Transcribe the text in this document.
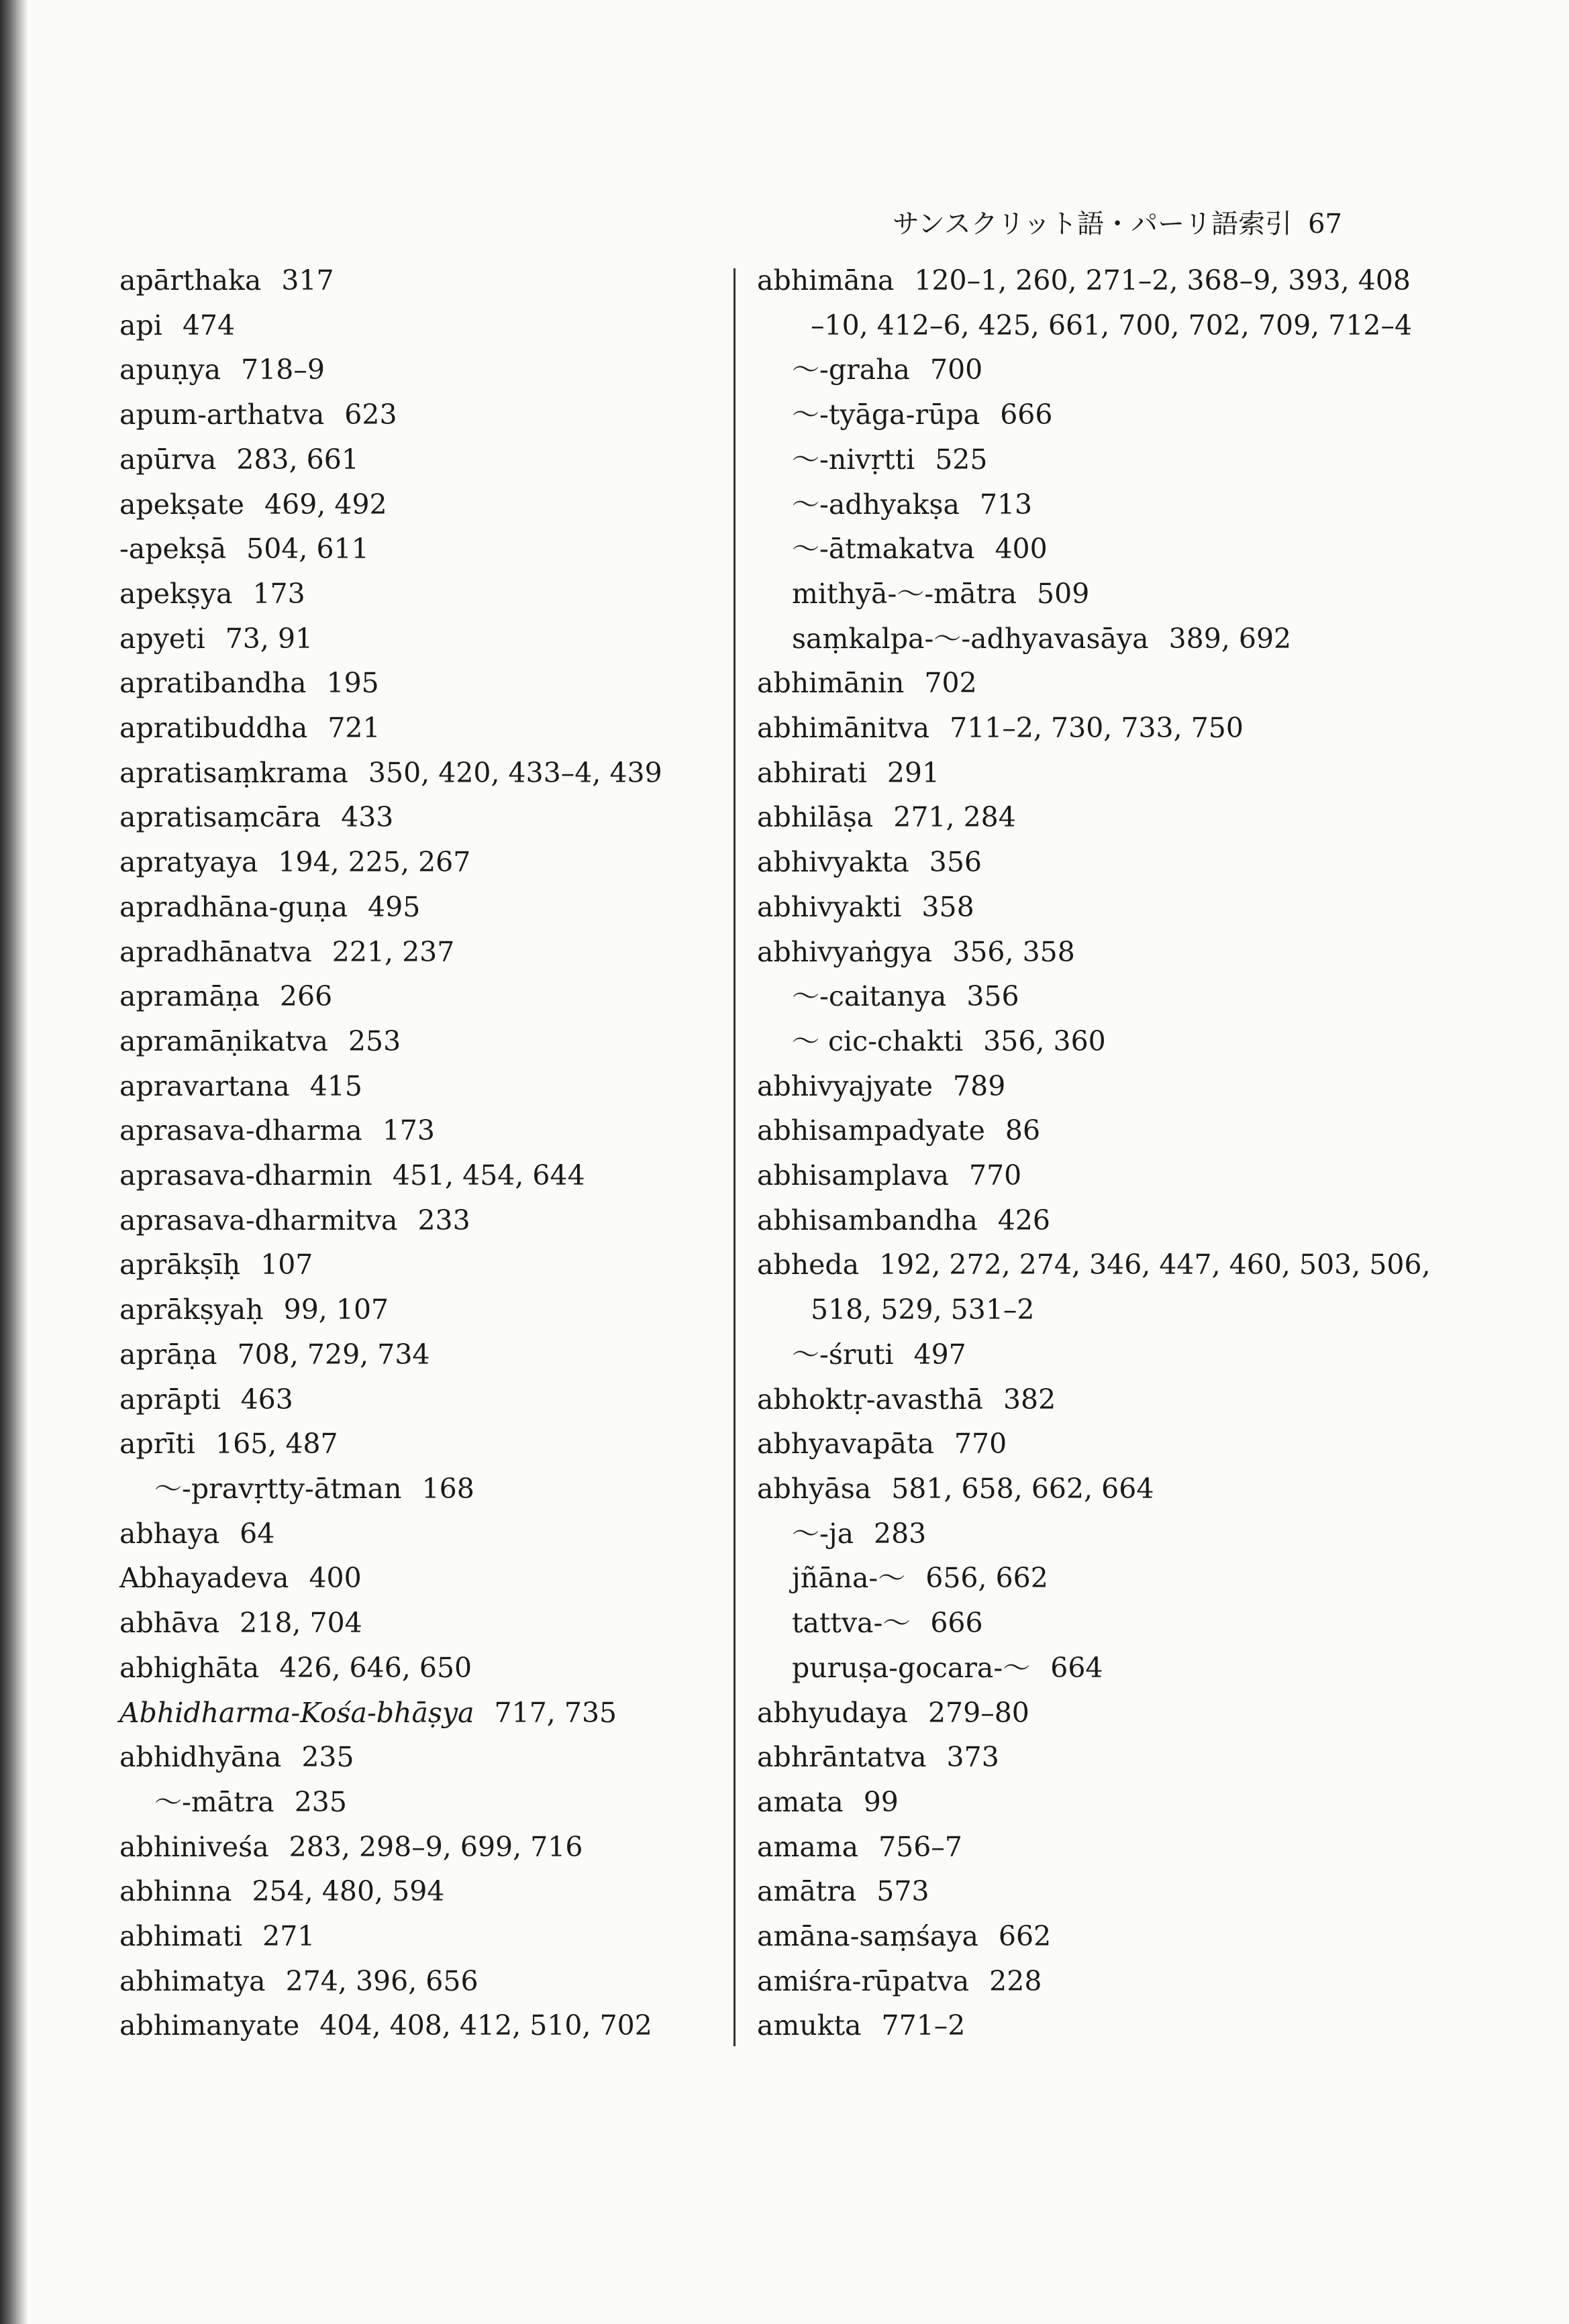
サンスクリット語・パーリ語索引 67
apārthaka 317
api 474
apuṇya 718–9
apum-arthatva 623
apūrva 283, 661
apekṣate 469, 492
-apekṣā 504, 611
apekṣya 173
apyeti 73, 91
apratibandha 195
apratibuddha 721
apratisaṃkrama 350, 420, 433–4, 439
apratisaṃcāra 433
apratyaya 194, 225, 267
apradhāna-guṇa 495
apradhānatva 221, 237
apramāṇa 266
apramāṇikatva 253
apravartana 415
aprasava-dharma 173
aprasava-dharmin 451, 454, 644
aprasava-dharmitva 233
aprākṣīḥ 107
aprākṣyaḥ 99, 107
aprāṇa 708, 729, 734
aprāpti 463
aprīti 165, 487
～-pravṛtty-ātman 168
abhaya 64
Abhayadeva 400
abhāva 218, 704
abhighāta 426, 646, 650
Abhidharma-Kośa-bhāṣya 717, 735
abhidhyāna 235
～-mātra 235
abhiniveśa 283, 298–9, 699, 716
abhinna 254, 480, 594
abhimati 271
abhimatya 274, 396, 656
abhimanyate 404, 408, 412, 510, 702
abhimāna 120–1, 260, 271–2, 368–9, 393, 408
–10, 412–6, 425, 661, 700, 702, 709, 712–4
～-graha 700
～-tyāga-rūpa 666
～-nivṛtti 525
～-adhyakṣa 713
～-ātmakatva 400
mithyā-～-mātra 509
saṃkalpa-～-adhyavasāya 389, 692
abhimānin 702
abhimānitva 711–2, 730, 733, 750
abhirati 291
abhilāṣa 271, 284
abhivyakta 356
abhivyakti 358
abhivyaṅgya 356, 358
～-caitanya 356
～ cic-chakti 356, 360
abhivyajyate 789
abhisampadyate 86
abhisamplava 770
abhisambandha 426
abheda 192, 272, 274, 346, 447, 460, 503, 506,
518, 529, 531–2
～-śruti 497
abhoktṛ-avasthā 382
abhyavapāta 770
abhyāsa 581, 658, 662, 664
～-ja 283
jñāna-～ 656, 662
tattva-～ 666
puruṣa-gocara-～ 664
abhyudaya 279–80
abhrāntatva 373
amata 99
amama 756–7
amātra 573
amāna-saṃśaya 662
amiśra-rūpatva 228
amukta 771–2
